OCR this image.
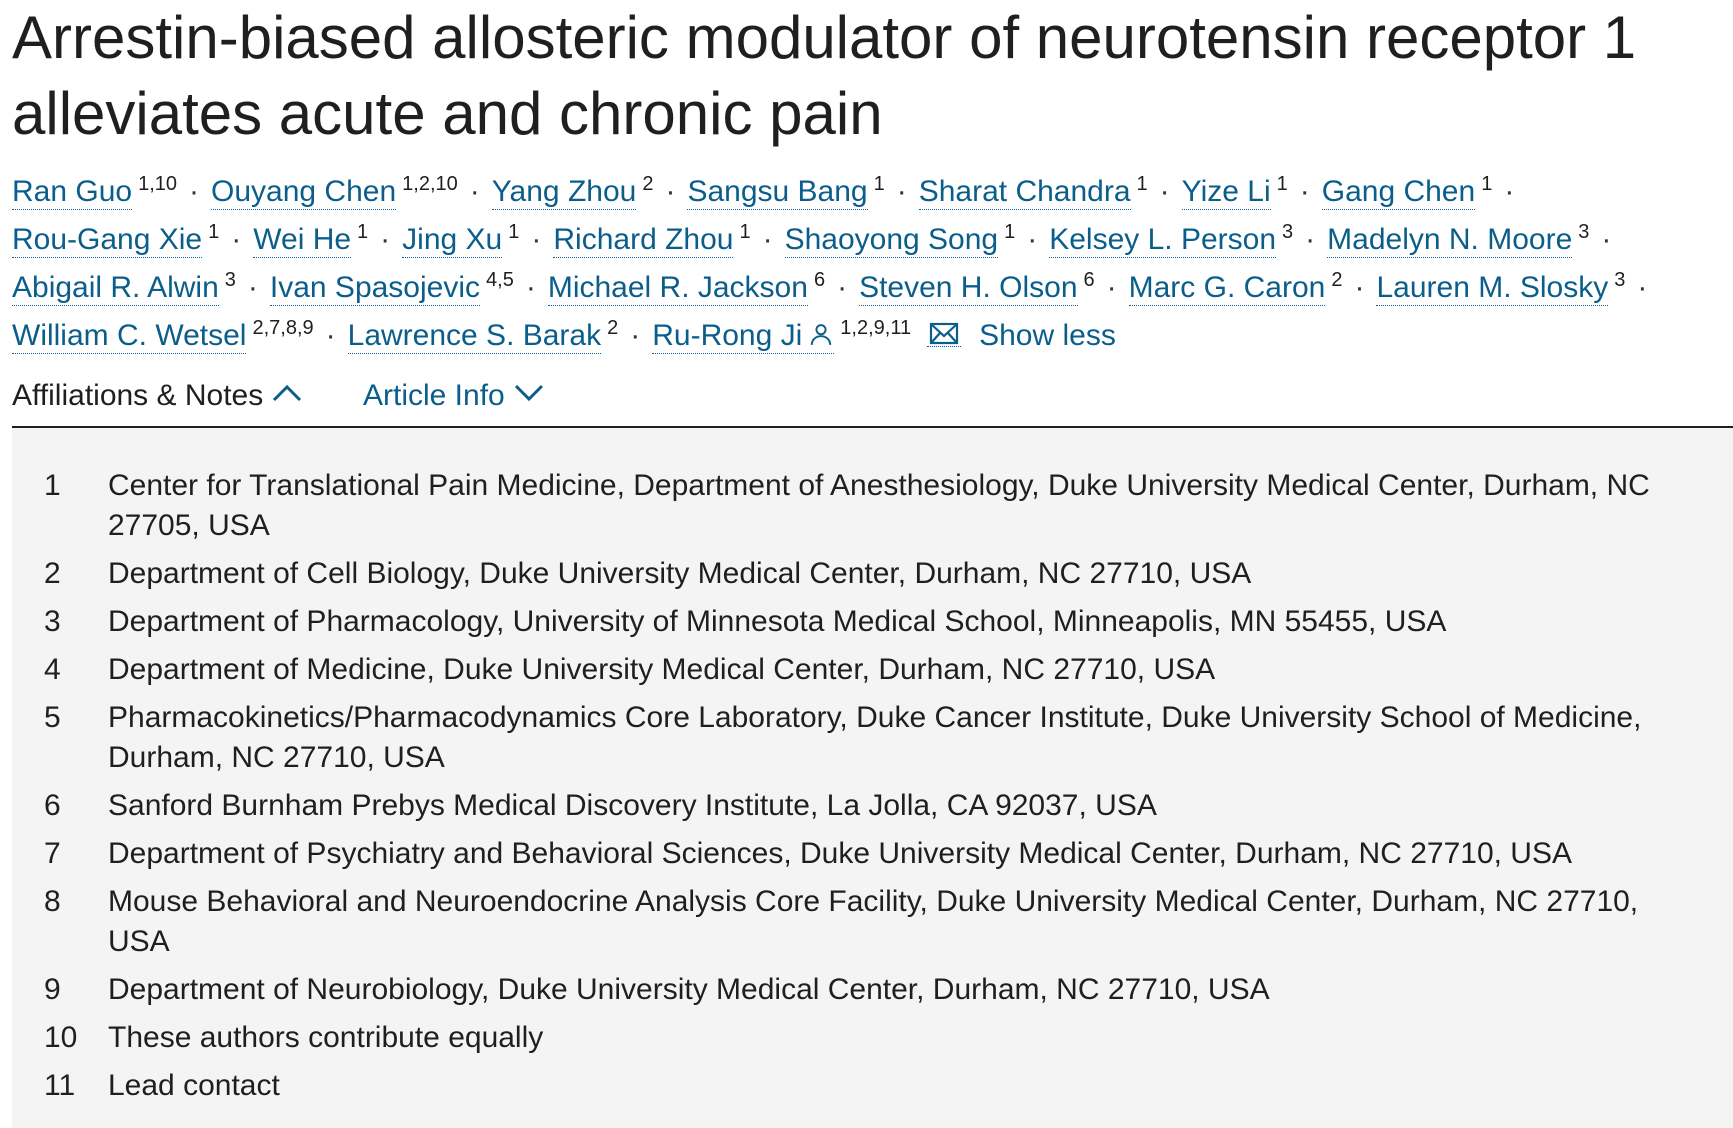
Arrestin-biased allosteric modulator of neurotensin receptor 1 alleviates acute and chronic pain
Ran Guo $^{1,10}$ · Ouyang Chen $^{1,2,10}$ · Yang Zhou $^2$ · Sangsu Bang $^1$ · Sharat Chandra $^1$ · Yize Li $^1$ · Gang Chen $^1$ ·
Rou-Gang Xie $^1$ · Wei He $^1$ · Jing Xu $^1$ · Richard Zhou $^1$ · Shaoyong Song $^1$ · Kelsey L. Person $^3$ · Madelyn N. Moore $^3$ ·
Abigail R. Alwin $^3$ · Ivan Spasojevic $^{4,5}$ · Michael R. Jackson $^6$ · Steven H. Olson $^6$ · Marc G. Caron $^2$ · Lauren M. Slosky $^3$ ·
William C. Wetsel $^{2,7,8,9}$ · Lawrence S. Barak $^2$ · Ru-Rong Ji $^{1,2,9,11}$ Show less
Affiliations & Notes	Article Info
1 Center for Translational Pain Medicine, Department of Anesthesiology, Duke University Medical Center, Durham, NC 27705, USA
2 Department of Cell Biology, Duke University Medical Center, Durham, NC 27710, USA
3 Department of Pharmacology, University of Minnesota Medical School, Minneapolis, MN 55455, USA
4 Department of Medicine, Duke University Medical Center, Durham, NC 27710, USA
5 Pharmacokinetics/Pharmacodynamics Core Laboratory, Duke Cancer Institute, Duke University School of Medicine, Durham, NC 27710, USA
6 Sanford Burnham Prebys Medical Discovery Institute, La Jolla, CA 92037, USA
7 Department of Psychiatry and Behavioral Sciences, Duke University Medical Center, Durham, NC 27710, USA
8 Mouse Behavioral and Neuroendocrine Analysis Core Facility, Duke University Medical Center, Durham, NC 27710, USA
9 Department of Neurobiology, Duke University Medical Center, Durham, NC 27710, USA
10 These authors contribute equally
11 Lead contact
